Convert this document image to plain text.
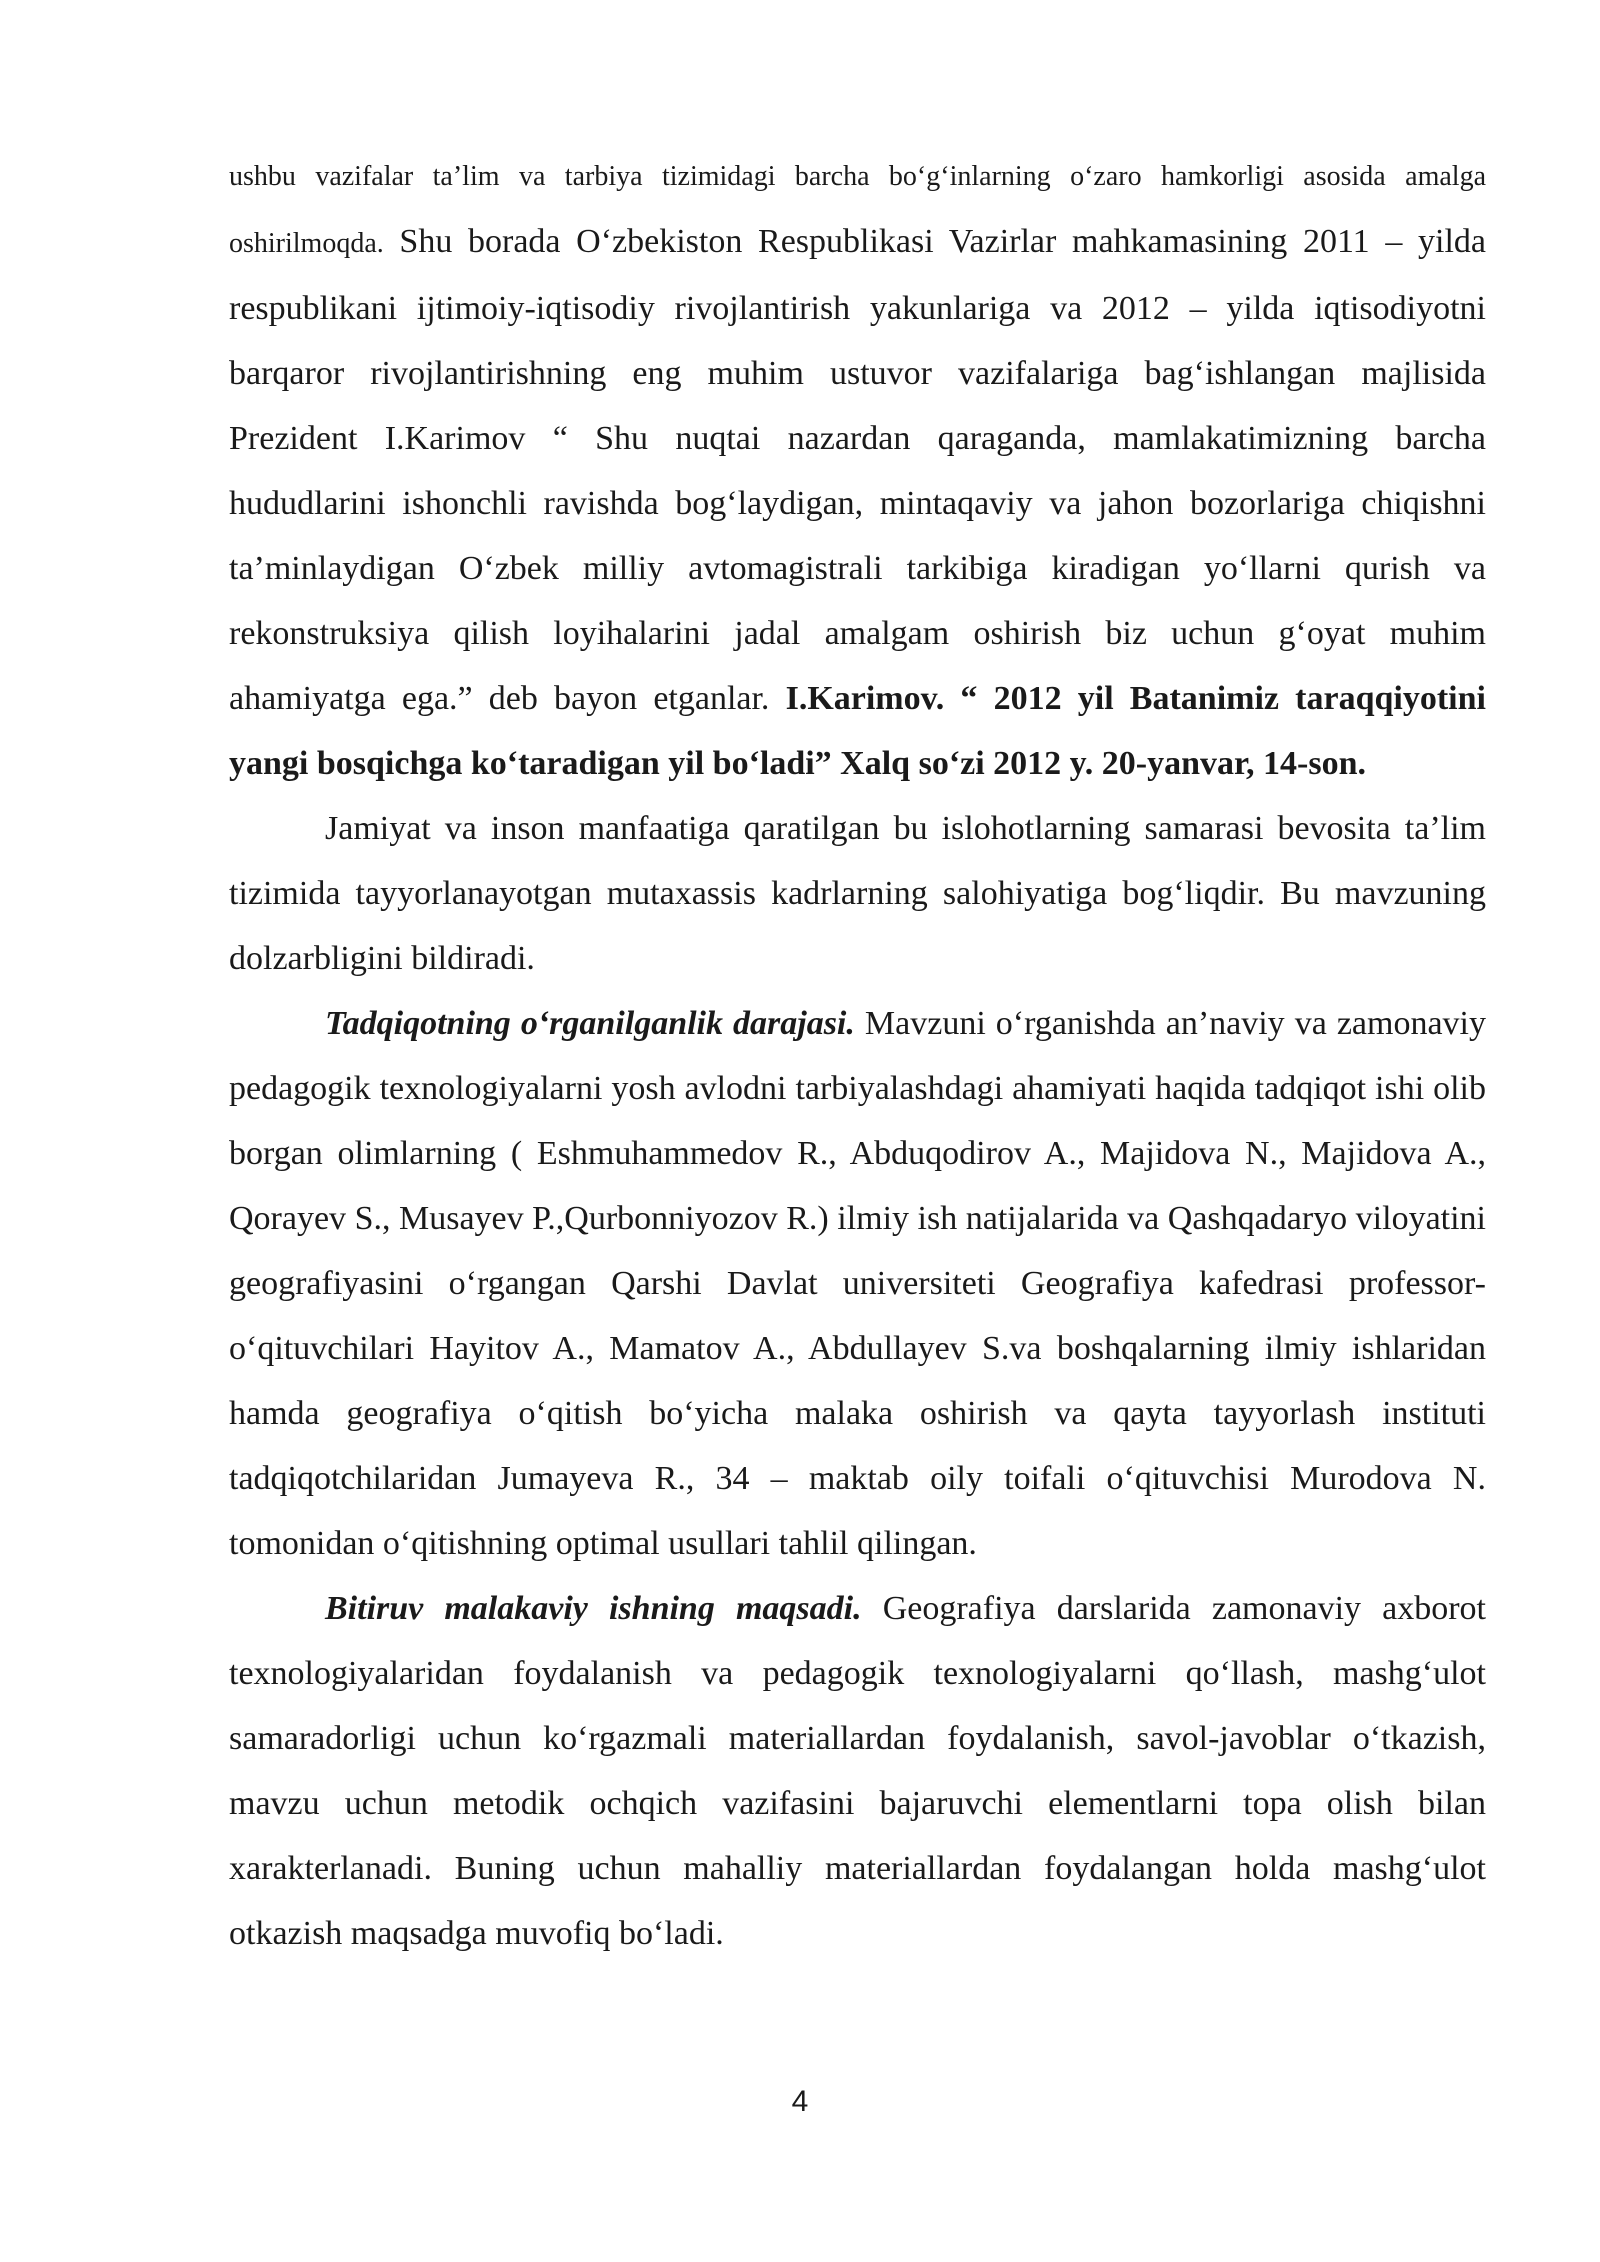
ushbu vazifalar ta’lim va tarbiya tizimidagi barcha bo‘g‘inlarning o‘zaro hamkorligi asosida amalga oshirilmoqda. Shu borada O‘zbekiston Respublikasi Vazirlar mahkamasining 2011 – yilda respublikani ijtimoiy-iqtisodiy rivojlantirish yakunlariga va 2012 – yilda iqtisodiyotni barqaror rivojlantirishning eng muhim ustuvor vazifalariga bag‘ishlangan majlisida Prezident I.Karimov “ Shu nuqtai nazardan qaraganda, mamlakatimizning barcha hududlarini ishonchli ravishda bog‘laydigan, mintaqaviy va jahon bozorlariga chiqishni ta’minlaydigan O‘zbek milliy avtomagistrali tarkibiga kiradigan yo‘llarni qurish va rekonstruksiya qilish loyihalarini jadal amalgam oshirish biz uchun g‘oyat muhim ahamiyatga ega.” deb bayon etganlar. I.Karimov. “ 2012 yil Batanimiz taraqqiyotini yangi bosqichga ko‘taradigan yil bo‘ladi” Xalq so‘zi 2012 y. 20-yanvar, 14-son.

Jamiyat va inson manfaatiga qaratilgan bu islohotlarning samarasi bevosita ta’lim tizimida tayyorlanayotgan mutaxassis kadrlarning salohiyatiga bog‘liqdir. Bu mavzuning dolzarbligini bildiradi.

Tadqiqotning o‘rganilganlik darajasi. Mavzuni o‘rganishda an’naviy va zamonaviy pedagogik texnologiyalarni yosh avlodni tarbiyalashdagi ahamiyati haqida tadqiqot ishi olib borgan olimlarning ( Eshmuhammedov R., Abduqodirov A., Majidova N., Majidova A., Qorayev S., Musayev P.,Qurbonniyozov R.) ilmiy ish natijalarida va Qashqadaryo viloyatini geografiyasini o‘rgangan Qarshi Davlat universiteti Geografiya kafedrasi professor-o‘qituvchilari Hayitov A., Mamatov A., Abdullayev S.va boshqalarning ilmiy ishlaridan hamda geografiya o‘qitish bo‘yicha malaka oshirish va qayta tayyorlash instituti tadqiqotchilaridan Jumayeva R., 34 – maktab oily toifali o‘qituvchisi Murodova N. tomonidan o‘qitishning optimal usullari tahlil qilingan.

Bitiruv malakaviy ishning maqsadi. Geografiya darslarida zamonaviy axborot texnologiyalaridan foydalanish va pedagogik texnologiyalarni qo‘llash, mashg‘ulot samaradorligi uchun ko‘rgazmali materiallardan foydalanish, savol-javoblar o‘tkazish, mavzu uchun metodik ochqich vazifasini bajaruvchi elementlarni topa olish bilan xarakterlanadi. Buning uchun mahalliy materiallardan foydalangan holda mashg‘ulot otkazish maqsadga muvofiq bo‘ladi.

4
